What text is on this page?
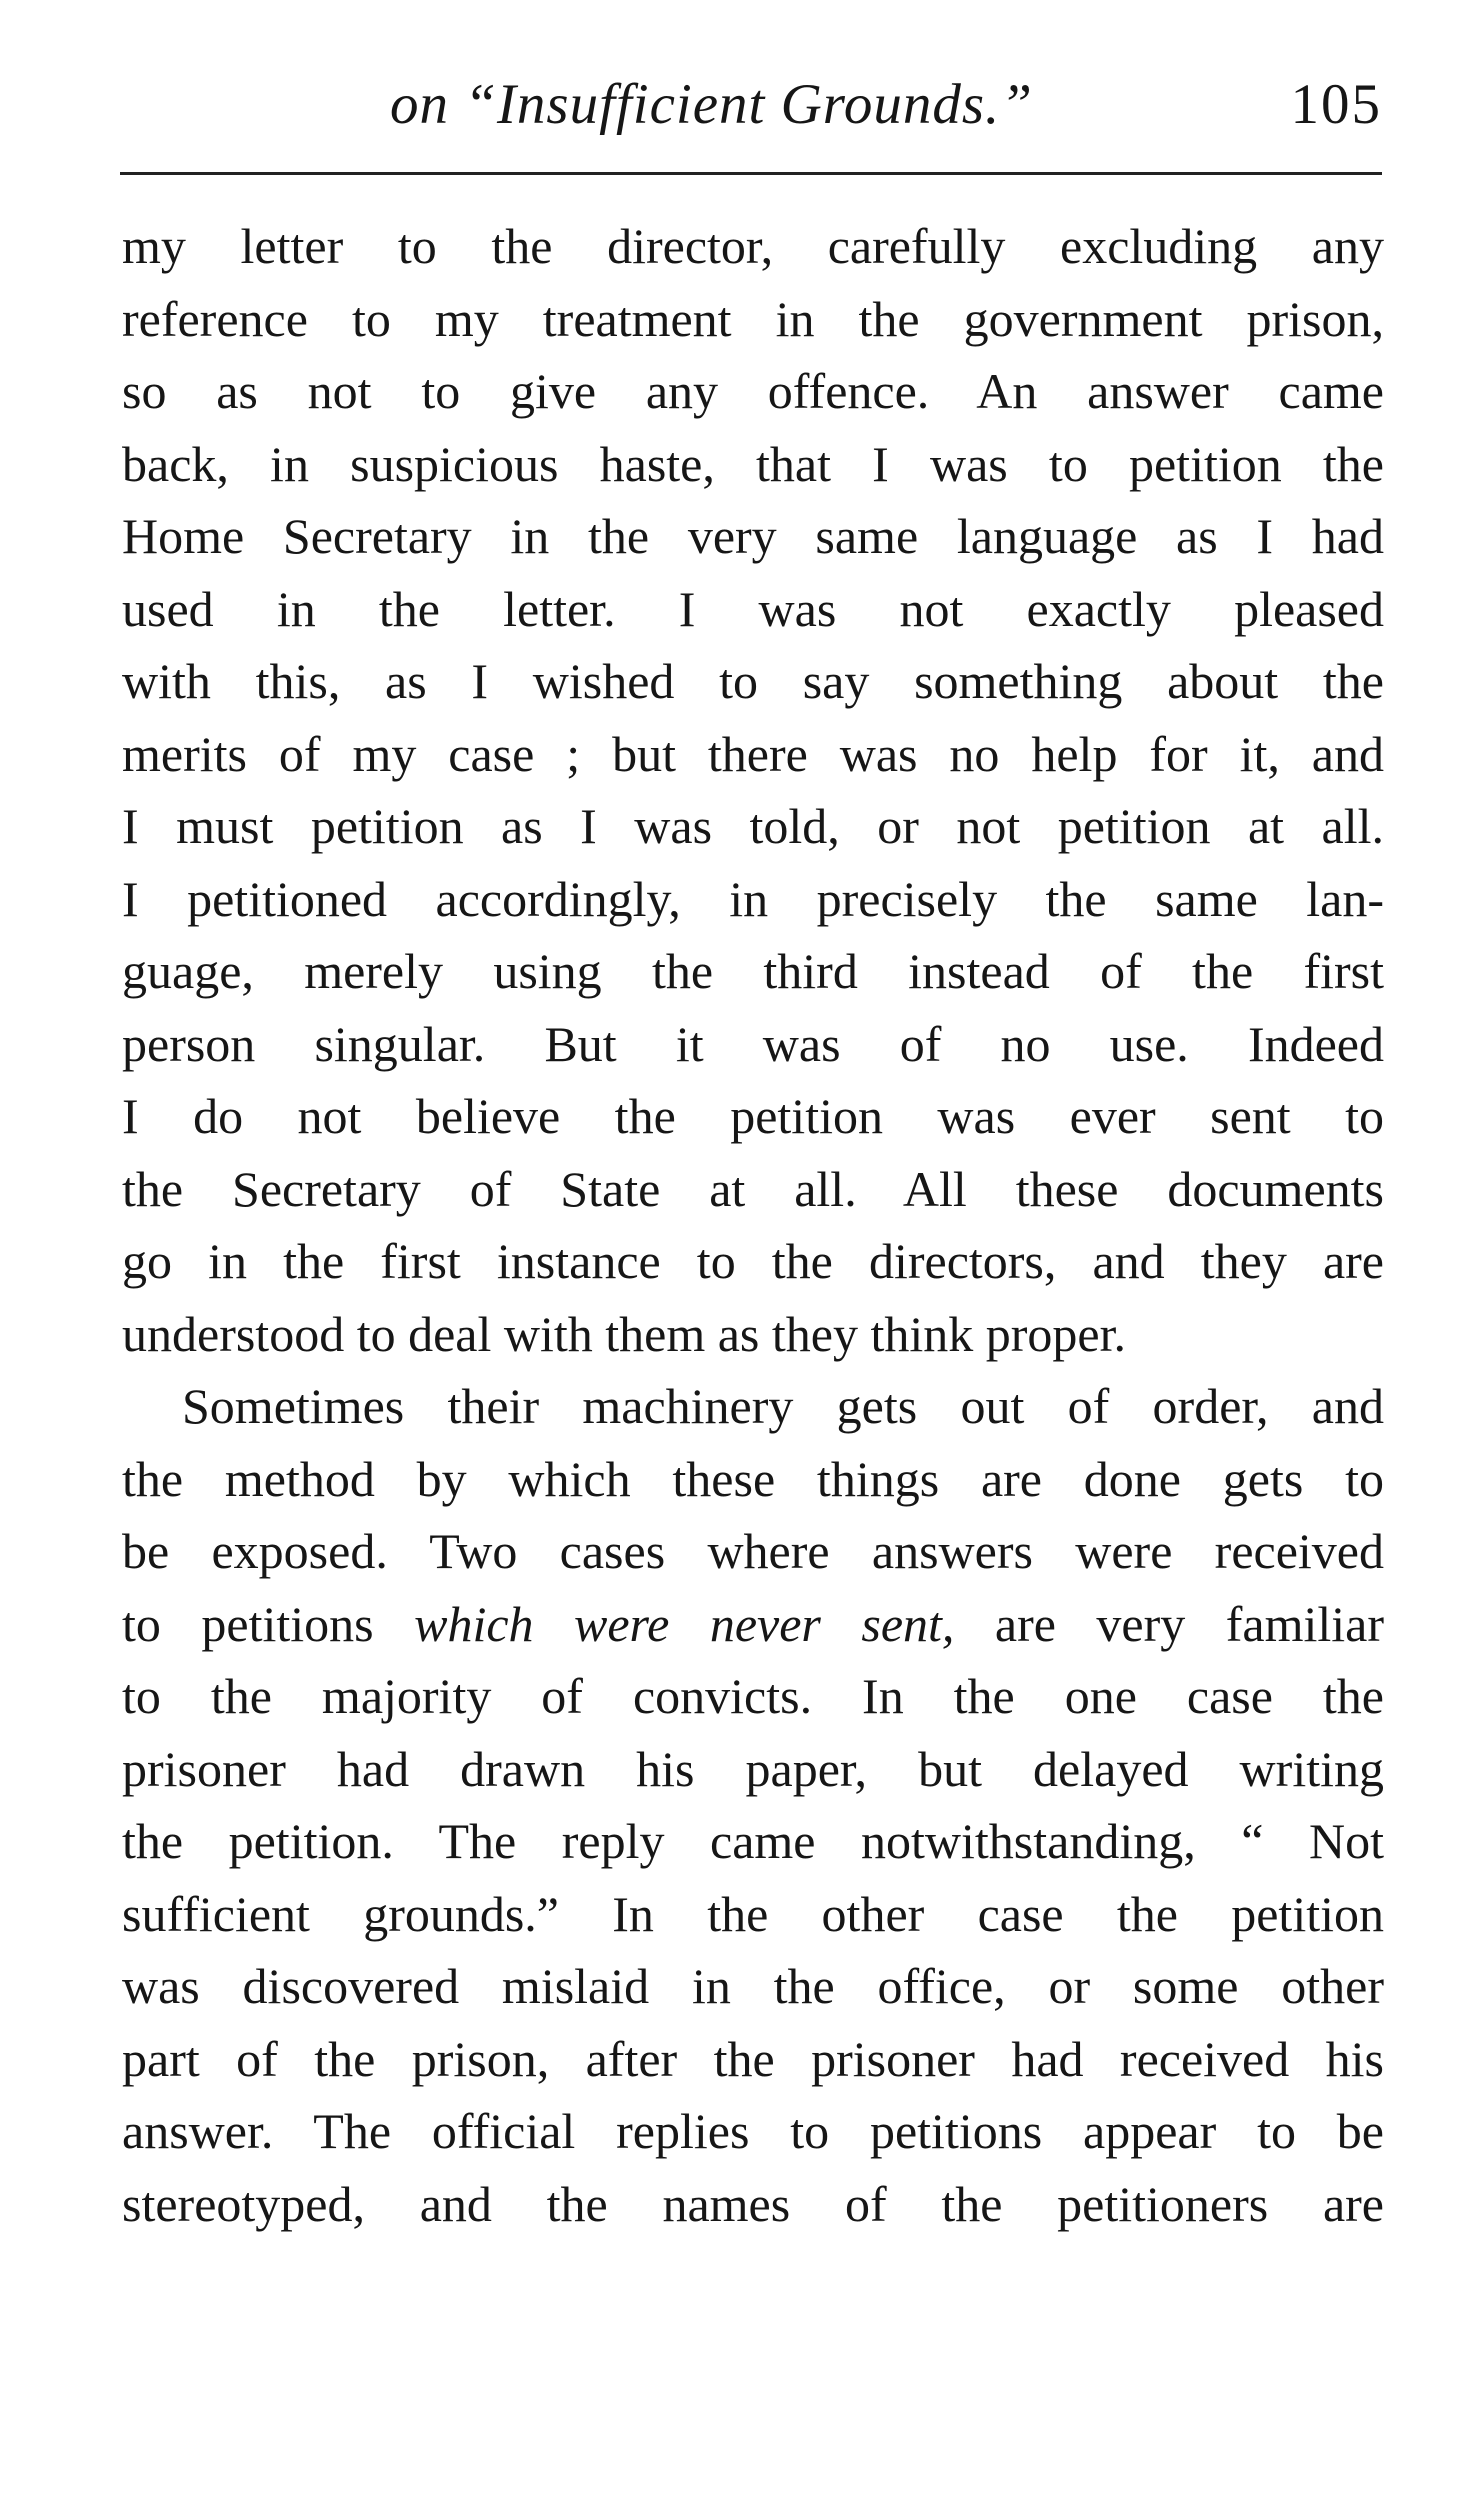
on “Insufficient Grounds.”	105
my letter to the director, carefully excluding any
reference to my treatment in the government prison,
so as not to give any offence. An answer came
back, in suspicious haste, that I was to petition the
Home Secretary in the very same language as I had
used in the letter. I was not exactly pleased
with this, as I wished to say something about the
merits of my case ; but there was no help for it, and
I must petition as I was told, or not petition at all.
I petitioned accordingly, in precisely the same lan-
guage, merely using the third instead of the first
person singular. But it was of no use. Indeed
I do not believe the petition was ever sent to
the Secretary of State at all. All these documents
go in the first instance to the directors, and they are
understood to deal with them as they think proper.
Sometimes their machinery gets out of order, and
the method by which these things are done gets to
be exposed. Two cases where answers were received
to petitions which were never sent, are very familiar
to the majority of convicts. In the one case the
prisoner had drawn his paper, but delayed writing
the petition. The reply came notwithstanding, “ Not
sufficient grounds.” In the other case the petition
was discovered mislaid in the office, or some other
part of the prison, after the prisoner had received his
answer. The official replies to petitions appear to be
stereotyped, and the names of the petitioners are
